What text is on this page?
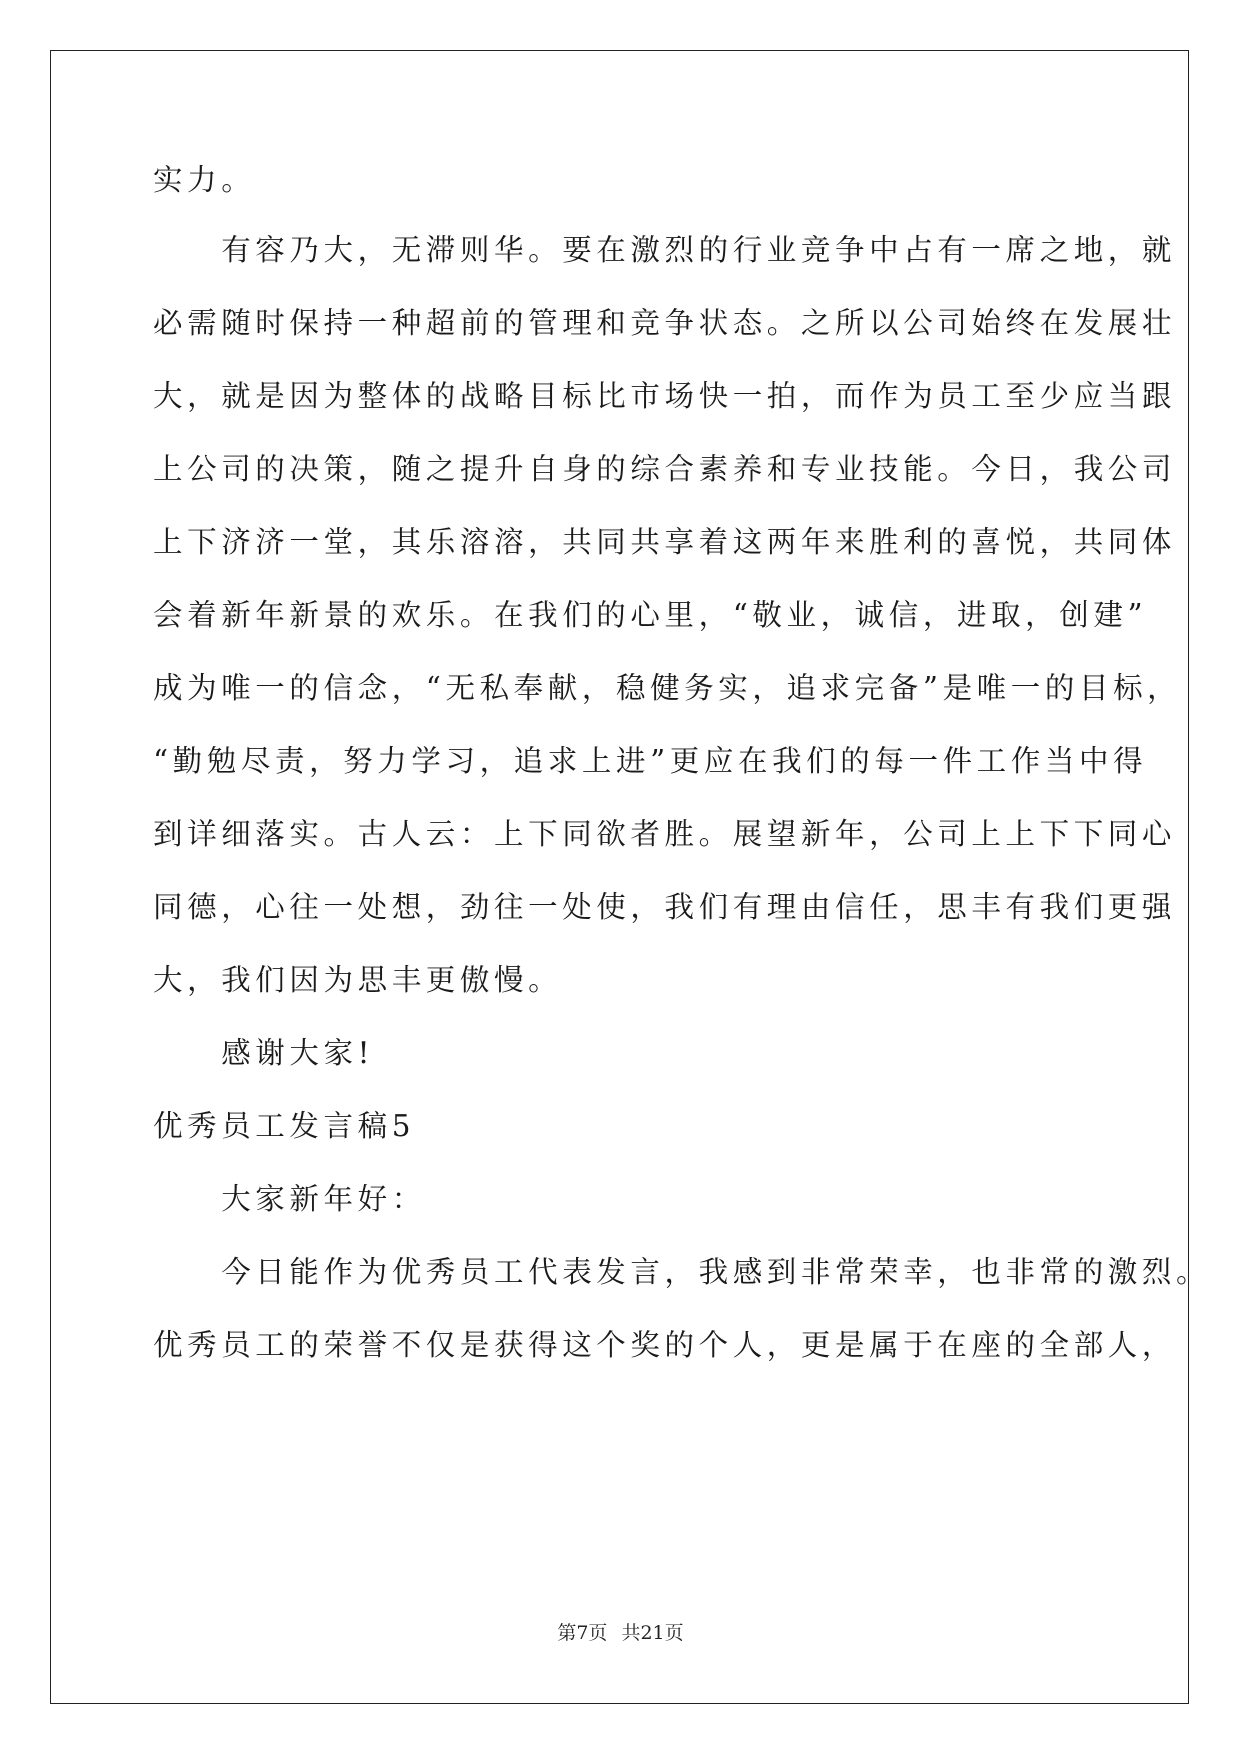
实力。
　　有容乃大，无滞则华。要在激烈的行业竞争中占有一席之地，就
必需随时保持一种超前的管理和竞争状态。之所以公司始终在发展壮
大，就是因为整体的战略目标比市场快一拍，而作为员工至少应当跟
上公司的决策，随之提升自身的综合素养和专业技能。今日，我公司
上下济济一堂，其乐溶溶，共同共享着这两年来胜利的喜悦，共同体
会着新年新景的欢乐。在我们的心里，“敬业，诚信，进取，创建”
成为唯一的信念，“无私奉献，稳健务实，追求完备”是唯一的目标，
“勤勉尽责，努力学习，追求上进”更应在我们的每一件工作当中得
到详细落实。古人云：上下同欲者胜。展望新年，公司上上下下同心
同德，心往一处想，劲往一处使，我们有理由信任，思丰有我们更强
大，我们因为思丰更傲慢。
　　感谢大家!
优秀员工发言稿5
　　大家新年好：
　　今日能作为优秀员工代表发言，我感到非常荣幸，也非常的激烈。
优秀员工的荣誉不仅是获得这个奖的个人，更是属于在座的全部人，
第7页 共21页
